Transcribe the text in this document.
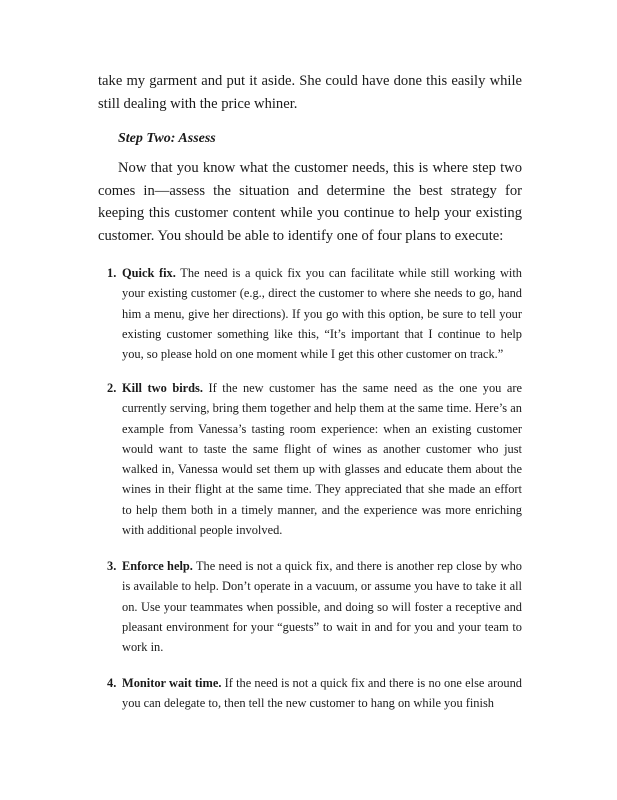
take my garment and put it aside. She could have done this easily while still dealing with the price whiner.

Step Two: Assess

Now that you know what the customer needs, this is where step two comes in—assess the situation and determine the best strategy for keeping this customer content while you continue to help your existing customer. You should be able to identify one of four plans to execute:

1. Quick fix. The need is a quick fix you can facilitate while still working with your existing customer (e.g., direct the customer to where she needs to go, hand him a menu, give her directions). If you go with this option, be sure to tell your existing customer something like this, “It’s important that I continue to help you, so please hold on one moment while I get this other customer on track.”
2. Kill two birds. If the new customer has the same need as the one you are currently serving, bring them together and help them at the same time. Here’s an example from Vanessa’s tasting room experience: when an existing customer would want to taste the same flight of wines as another customer who just walked in, Vanessa would set them up with glasses and educate them about the wines in their flight at the same time. They appreciated that she made an effort to help them both in a timely manner, and the experience was more enriching with additional people involved.
3. Enforce help. The need is not a quick fix, and there is another rep close by who is available to help. Don’t operate in a vacuum, or assume you have to take it all on. Use your teammates when possible, and doing so will foster a receptive and pleasant environment for your “guests” to wait in and for you and your team to work in.
4. Monitor wait time. If the need is not a quick fix and there is no one else around you can delegate to, then tell the new customer to hang on while you finish
